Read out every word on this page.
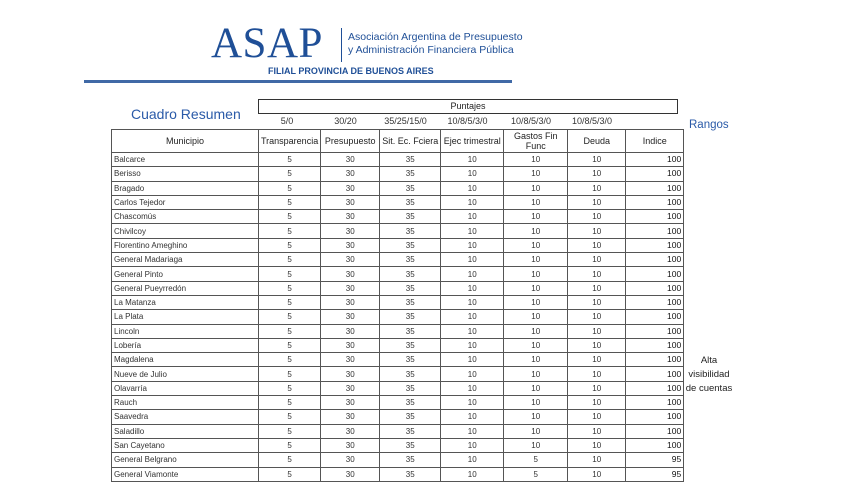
ASAP Asociación Argentina de Presupuesto
y Administración Financiera Pública
FILIAL PROVINCIA DE BUENOS AIRES
Cuadro Resumen
Rangos
Puntajes
5/0	30/20	35/25/15/0	10/8/5/3/0	10/8/5/3/0	10/8/5/3/0
Municipio	Transparencia	Presupuesto	Sit. Ec. Fciera	Ejec trimestral	Gastos Fin Func	Deuda	Indice
Balcarce	5	30	35	10	10	10	100
Berisso	5	30	35	10	10	10	100
Bragado	5	30	35	10	10	10	100
Carlos Tejedor	5	30	35	10	10	10	100
Chascomús	5	30	35	10	10	10	100
Chivilcoy	5	30	35	10	10	10	100
Florentino Ameghino	5	30	35	10	10	10	100
General Madariaga	5	30	35	10	10	10	100
General Pinto	5	30	35	10	10	10	100
General Pueyrredón	5	30	35	10	10	10	100
La Matanza	5	30	35	10	10	10	100
La Plata	5	30	35	10	10	10	100
Lincoln	5	30	35	10	10	10	100
Lobería	5	30	35	10	10	10	100
Magdalena	5	30	35	10	10	10	100
Nueve de Julio	5	30	35	10	10	10	100
Olavarría	5	30	35	10	10	10	100
Rauch	5	30	35	10	10	10	100
Saavedra	5	30	35	10	10	10	100
Saladillo	5	30	35	10	10	10	100
San Cayetano	5	30	35	10	10	10	100
General Belgrano	5	30	35	10	5	10	95
General Viamonte	5	30	35	10	5	10	95
Alta
visibilidad
de cuentas
